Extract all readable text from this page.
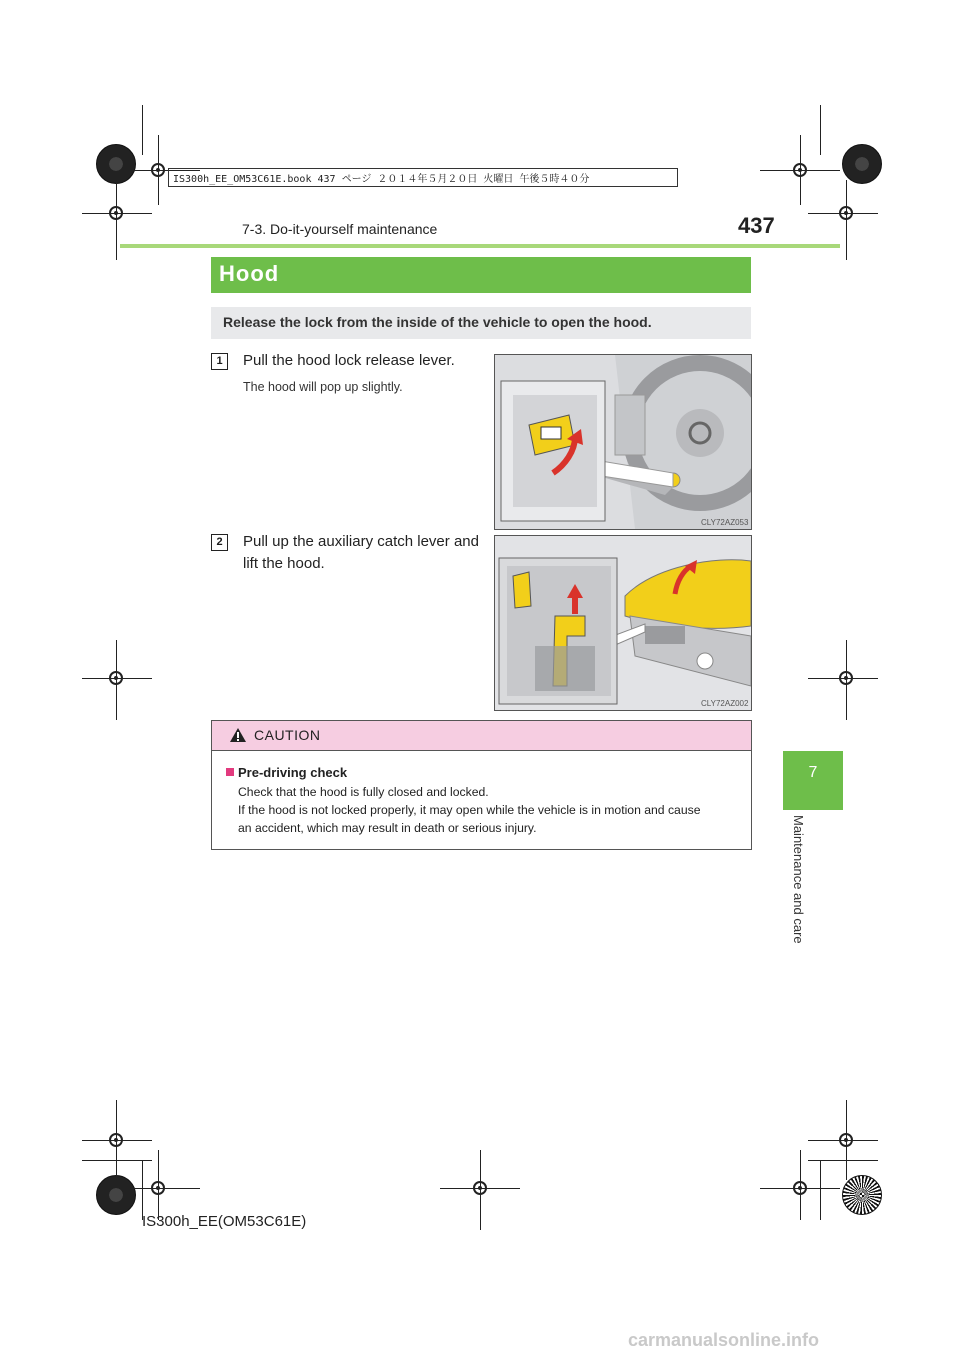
IS300h_EE_OM53C61E.book 437 ページ ２０１４年５月２０日 火曜日 午後５時４０分
7-3. Do-it-yourself maintenance	437
Hood
Release the lock from the inside of the vehicle to open the hood.
1	Pull the hood lock release lever.
The hood will pop up slightly.
CLY72AZ053
2	Pull up the auxiliary catch lever and
lift the hood.
CLY72AZ002
CAUTION
Pre-driving check
Check that the hood is fully closed and locked.
If the hood is not locked properly, it may open while the vehicle is in motion and cause
an accident, which may result in death or serious injury.
7
Maintenance and care
IS300h_EE(OM53C61E)
carmanualsonline.info
